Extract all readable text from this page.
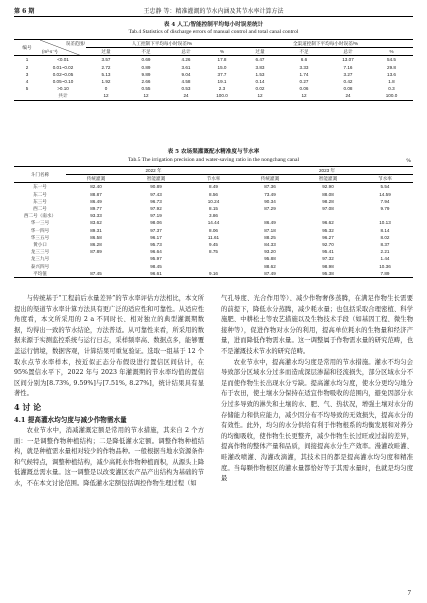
第 6 期	王忠静 等：精准灌溉的节水内涵及其节水率计算方法
表 4 人工/智能控制平均每小时误差统计
Tab.4 Statistics of discharge errors of manual control and total canal control
编号	误差范围/
(m³·s⁻¹)	人工控制下平均每小时误差/%				全渠道控制下平均每小时误差/%			
		过量	不足	总计	%	过量	不足	总计	%
1	<0.01	3.57	0.69	4.26	17.8	6.47	6.6	13.07	54.5
2	0.01~0.02	2.72	0.89	3.61	15.0	3.83	3.33	7.16	29.8
3	0.02~0.05	5.13	9.89	9.04	37.7	1.53	1.74	3.27	13.6
4	0.05~0.10	1.92	2.66	4.58	19.1	0.14	0.27	0.42	1.8
5	>0.10	0	0.55	0.53	2.3	0.02	0.06	0.08	0.3
	共计	12	12	24	100.0	12	12	24	100.0
表 5 农场渠灌溉配水精准度与节水率
Tab.5 The irrigation precision and water-saving ratio in the nongchang canal	%
斗门名称	2022 年			2023 年		
	传统灌溉	智能灌溉	节水率	传统灌溉	智能灌溉	节水率
东一号	82.40	90.89	8.49	87.36	92.90	5.54
东二号	88.87	97.43	8.56	73.49	88.08	14.59
东三号	86.49	96.73	10.24	90.34	98.28	7.94
西二号	89.77	97.92	8.15	87.29	97.08	9.79
西二号（南水）	93.33	97.19	3.86			
华一三号	83.62	98.06	14.44	86.49	96.62	10.13
华一四号	89.31	97.37	8.06	87.18	95.32	8.14
华三五号	86.58	96.17	11.61	88.25	96.27	8.02
黄小口	86.28	95.73	9.45	84.33	92.70	8.37
龙三三号	87.89	96.64	8.75	93.20	95.41	2.21
龙三九号		95.97		95.88	97.32	1.44
泰兴四号		98.45		88.62	98.98	10.36
平均值	87.45	96.61	9.16	87.49	95.38	7.89

与传统基于“工程前后水量差异”的节水率评估方法相比，本文所提出的渠道节水率计算方法具有更广泛的适应性和可靠性。从适应性角度看，本文所采用的 2 a 不同时长、相对独立的典型灌溉期数据，均得出一致的节水结论，方法普适。从可靠性来看，所采用的数据来源于实测监控系统与运行日志，采样频率高、数据点多，能够覆盖运行情境，数据客观，计算结果可重复验证。选取一组基于 12 个取水点节水率样本，按近似正态分布假设进行置信区间估计，在 95%置信水平下，2022 年与 2023 年灌溉期的节水率均值的置信区间分别为[8.73%, 9.59%]与[7.51%, 8.27%]，统计结果具有显著性。

4 讨 论

4.1 提高灌水均匀度与减少作物需水量

农业节水中，消减灌溉定额是常用的节水措施，其来自 2 个方面：一是调整作物种植结构；二是降低灌水定额。调整作物种植结构，就是种植需水量相对较少的作物品种。一般根据当地水资源条件和气候特点，调整种植结构，减少高耗水作物种植面积，从源头上降低灌溉总需水量。这一调整是以改变灌区农产品产出结构为基础的节水，不在本文讨论范围。降低灌水定额包括调控作物生理过程（如

气孔导度、光合作用等）、减少作物奢侈蒸腾，在满足作物生长需要的前提下，降低水分蒸腾，减少耗水量；也包括采取合理密植、科学施肥、中耕松土等农艺措施以及生物技术手段（如基因工程、微生物接种等），促进作物对水分的利用，提高单位耗水的生物量和经济产量，进而降低作物需水量。这一调整属于作物需水量的研究范畴，也不是灌溉技术节水的研究范畴。

农业节水中，提高灌水均匀度是常用的节水措施。灌水不均匀会导致部分区域水分过多而造成深层渗漏和径流损失，部分区域水分不足而使作物生长出现水分亏缺。提高灌水均匀度，使水分更均匀地分布于农田，使土壤水分保持在适宜作物吸收的范围内，避免因部分水分过多导致的淋失和土壤的水、肥、气、热状况，增强土壤对水分的存储能力和供应能力，减少因分布不均导致的无效损失，提高水分的有效性。此外，均匀的水分供给有利于作物根系的均衡发展和对养分的均衡吸收，使作物生长更整齐，减少作物生长过旺或过弱的差异，提高作物的整体产量和品质，间接提高水分生产效率。漫灌改畦灌、畦灌改喷灌、沟灌改滴灌，其技术目的都是提高灌水均匀度和精准度。当每颗作物根区的灌水量都恰好等于其需水量时，也就是均匀度最

7
